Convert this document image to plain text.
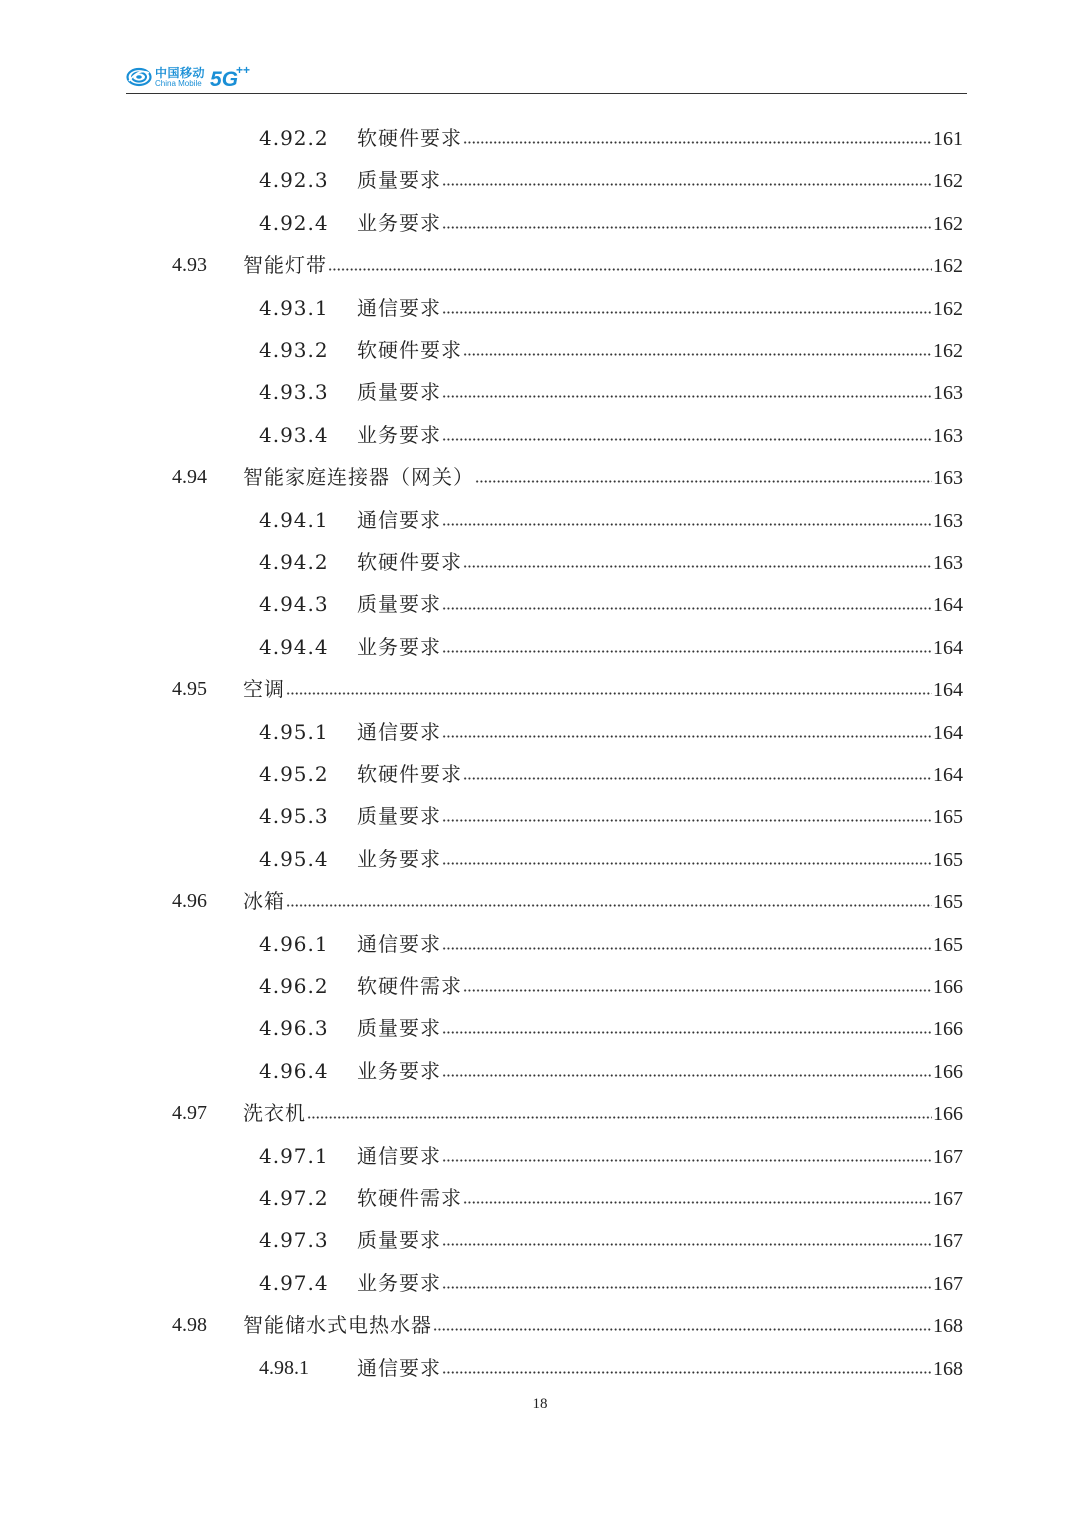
中国移动
China Mobile 5G
++
4.92.2 软硬件要求	161
4.92.3 质量要求	162
4.92.4 业务要求	162
4.93 智能灯带	162
4.93.1 通信要求	162
4.93.2 软硬件要求	162
4.93.3 质量要求	163
4.93.4 业务要求	163
4.94 智能家庭连接器（网关）	163
4.94.1 通信要求	163
4.94.2 软硬件要求	163
4.94.3 质量要求	164
4.94.4 业务要求	164
4.95 空调	164
4.95.1 通信要求	164
4.95.2 软硬件要求	164
4.95.3 质量要求	165
4.95.4 业务要求	165
4.96 冰箱	165
4.96.1 通信要求	165
4.96.2 软硬件需求	166
4.96.3 质量要求	166
4.96.4 业务要求	166
4.97 洗衣机	166
4.97.1 通信要求	167
4.97.2 软硬件需求	167
4.97.3 质量要求	167
4.97.4 业务要求	167
4.98 智能储水式电热水器	168
4.98.1 通信要求	168
18
